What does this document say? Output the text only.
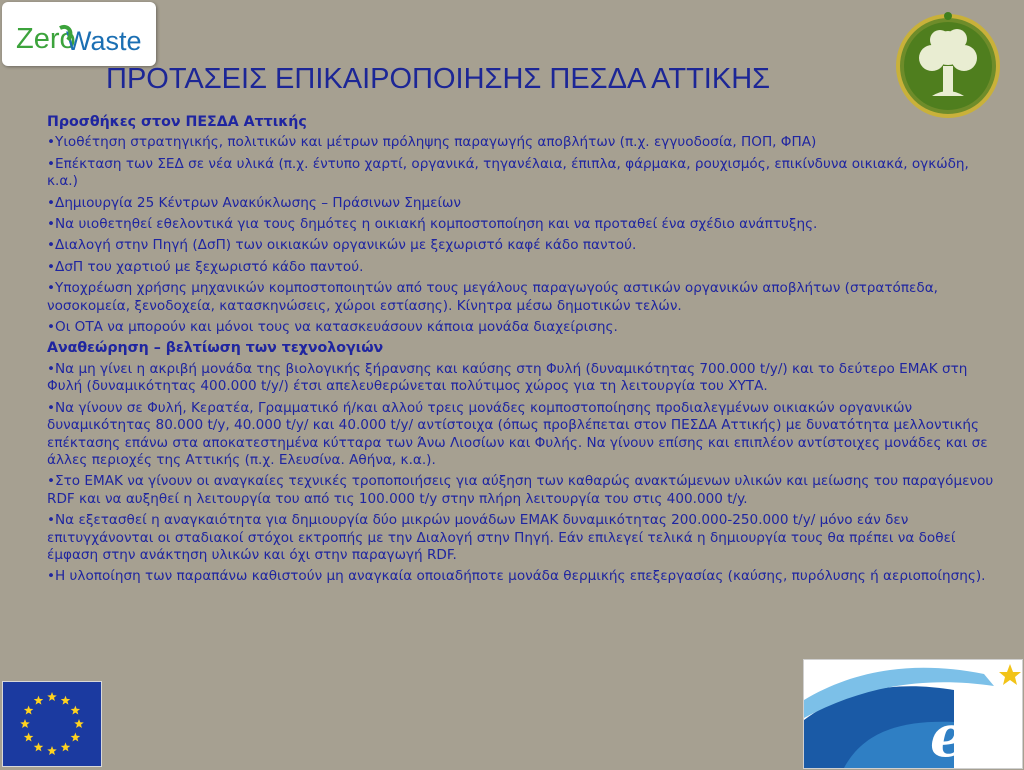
Zero
Waste
ΠΡΟΤΑΣΕΙΣ ΕΠΙΚΑΙΡΟΠΟΙΗΣΗΣ ΠΕΣΔΑ ΑΤΤΙΚΗΣ
Προσθήκες στον ΠΕΣΔΑ Αττικής
•Υιοθέτηση στρατηγικής, πολιτικών και μέτρων πρόληψης παραγωγής αποβλήτων (π.χ. εγγυοδοσία, ΠΟΠ, ΦΠΑ)
•Επέκταση των ΣΕΔ σε νέα υλικά (π.χ. έντυπο χαρτί, οργανικά, τηγανέλαια, έπιπλα, φάρμακα, ρουχισμός, επικίνδυνα οικιακά, ογκώδη, κ.α.)
•Δημιουργία 25 Κέντρων Ανακύκλωσης – Πράσινων Σημείων
•Να υιοθετηθεί εθελοντικά για τους δημότες η οικιακή κομποστοποίηση και να προταθεί ένα σχέδιο ανάπτυξης.
•Διαλογή στην Πηγή (ΔσΠ) των οικιακών οργανικών με ξεχωριστό καφέ κάδο παντού.
•ΔσΠ του χαρτιού με ξεχωριστό κάδο παντού.
•Υποχρέωση χρήσης μηχανικών κομποστοποιητών από τους μεγάλους παραγωγούς αστικών οργανικών αποβλήτων (στρατόπεδα, νοσοκομεία, ξενοδοχεία, κατασκηνώσεις, χώροι εστίασης). Κίνητρα μέσω δημοτικών τελών.
•Οι ΟΤΑ να μπορούν και μόνοι τους να κατασκευάσουν κάποια μονάδα διαχείρισης.
Αναθεώρηση – βελτίωση των τεχνολογιών
•Να μη γίνει η ακριβή μονάδα της βιολογικής ξήρανσης και καύσης στη Φυλή (δυναμικότητας 700.000 t/y/) και το δεύτερο ΕΜΑΚ στη Φυλή (δυναμικότητας 400.000 t/y/) έτσι απελευθερώνεται πολύτιμος χώρος για τη λειτουργία του ΧΥΤΑ.
•Να γίνουν σε Φυλή, Κερατέα, Γραμματικό ή/και αλλού τρεις μονάδες κομποστοποίησης προδιαλεγμένων οικιακών οργανικών δυναμικότητας 80.000 t/y, 40.000 t/y/ και 40.000 t/y/ αντίστοιχα (όπως προβλέπεται στον ΠΕΣΔΑ Αττικής) με δυνατότητα μελλοντικής επέκτασης επάνω στα αποκατεστημένα κύτταρα των Άνω Λιοσίων και Φυλής. Να γίνουν επίσης και επιπλέον αντίστοιχες μονάδες και σε άλλες περιοχές της Αττικής (π.χ. Ελευσίνα. Αθήνα, κ.α.).
•Στο ΕΜΑΚ να γίνουν οι αναγκαίες τεχνικές τροποποιήσεις για αύξηση των καθαρώς ανακτώμενων υλικών και μείωσης του παραγόμενου RDF και να αυξηθεί η λειτουργία του από τις 100.000 t/y στην πλήρη λειτουργία του στις 400.000 t/y.
•Να εξετασθεί η αναγκαιότητα για δημιουργία δύο μικρών μονάδων ΕΜΑΚ δυναμικότητας 200.000-250.000 t/y/ μόνο εάν δεν επιτυγχάνονται οι σταδιακοί στόχοι εκτροπής με την Διαλογή στην Πηγή. Εάν επιλεγεί τελικά η δημιουργία τους θα πρέπει να δοθεί έμφαση στην ανάκτηση υλικών και όχι στην παραγωγή RDF.
•Η υλοποίηση των παραπάνω καθιστούν μη αναγκαία οποιαδήποτε μονάδα θερμικής επεξεργασίας (καύσης, πυρόλυσης ή αεριοποίησης).
ed
